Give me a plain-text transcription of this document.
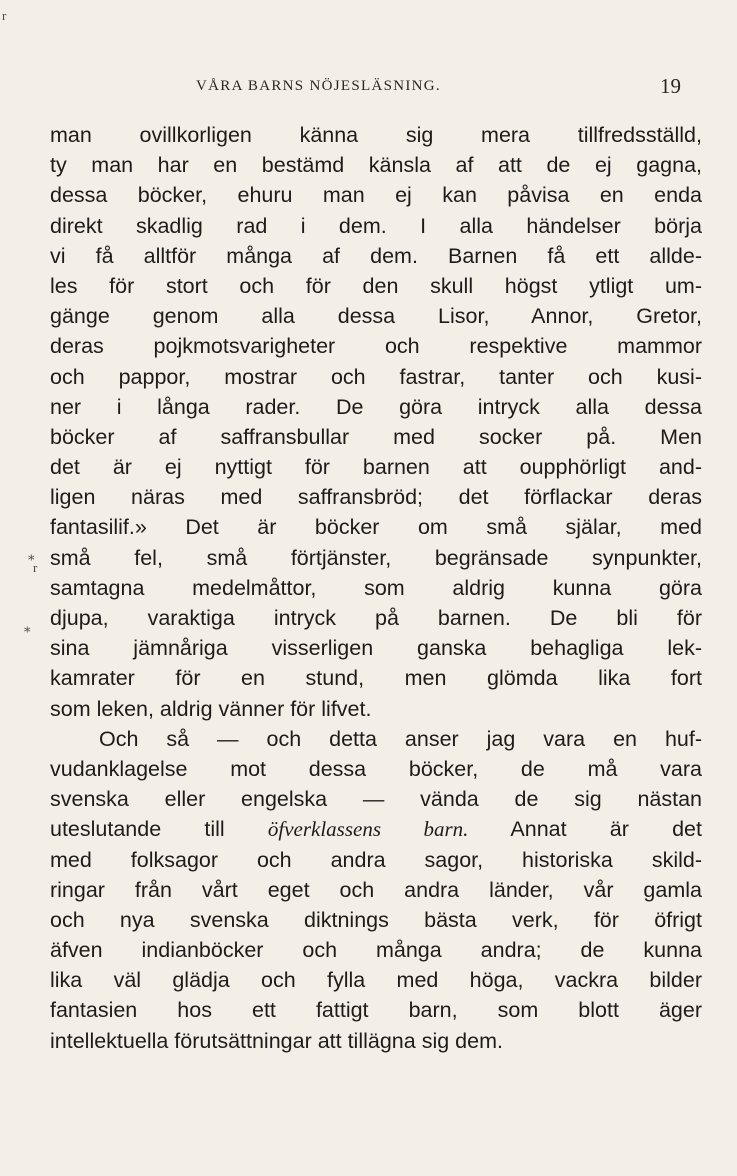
r
VÅRA BARNS NÖJESLÄSNING.	19
⁎
r
⁎
man ovillkorligen känna sig mera tillfredsställd,
ty man har en bestämd känsla af att de ej gagna,
dessa böcker, ehuru man ej kan påvisa en enda
direkt skadlig rad i dem. I alla händelser börja
vi få alltför många af dem. Barnen få ett allde-
les för stort och för den skull högst ytligt um-
gänge genom alla dessa Lisor, Annor, Gretor,
deras pojkmotsvarigheter och respektive mammor
och pappor, mostrar och fastrar, tanter och kusi-
ner i långa rader. De göra intryck alla dessa
böcker af saffransbullar med socker på. Men
det är ej nyttigt för barnen att oupphörligt and-
ligen näras med saffransbröd; det förflackar deras
fantasilif.» Det är böcker om små själar, med
små fel, små förtjänster, begränsade synpunkter,
samtagna medelmåttor, som aldrig kunna göra
djupa, varaktiga intryck på barnen. De bli för
sina jämnåriga visserligen ganska behagliga lek-
kamrater för en stund, men glömda lika fort
som leken, aldrig vänner för lifvet.
Och så — och detta anser jag vara en huf-
vudanklagelse mot dessa böcker, de må vara
svenska eller engelska — vända de sig nästan
uteslutande till öfverklassens barn. Annat är det
med folksagor och andra sagor, historiska skild-
ringar från vårt eget och andra länder, vår gamla
och nya svenska diktnings bästa verk, för öfrigt
äfven indianböcker och många andra; de kunna
lika väl glädja och fylla med höga, vackra bilder
fantasien hos ett fattigt barn, som blott äger
intellektuella förutsättningar att tillägna sig dem.
